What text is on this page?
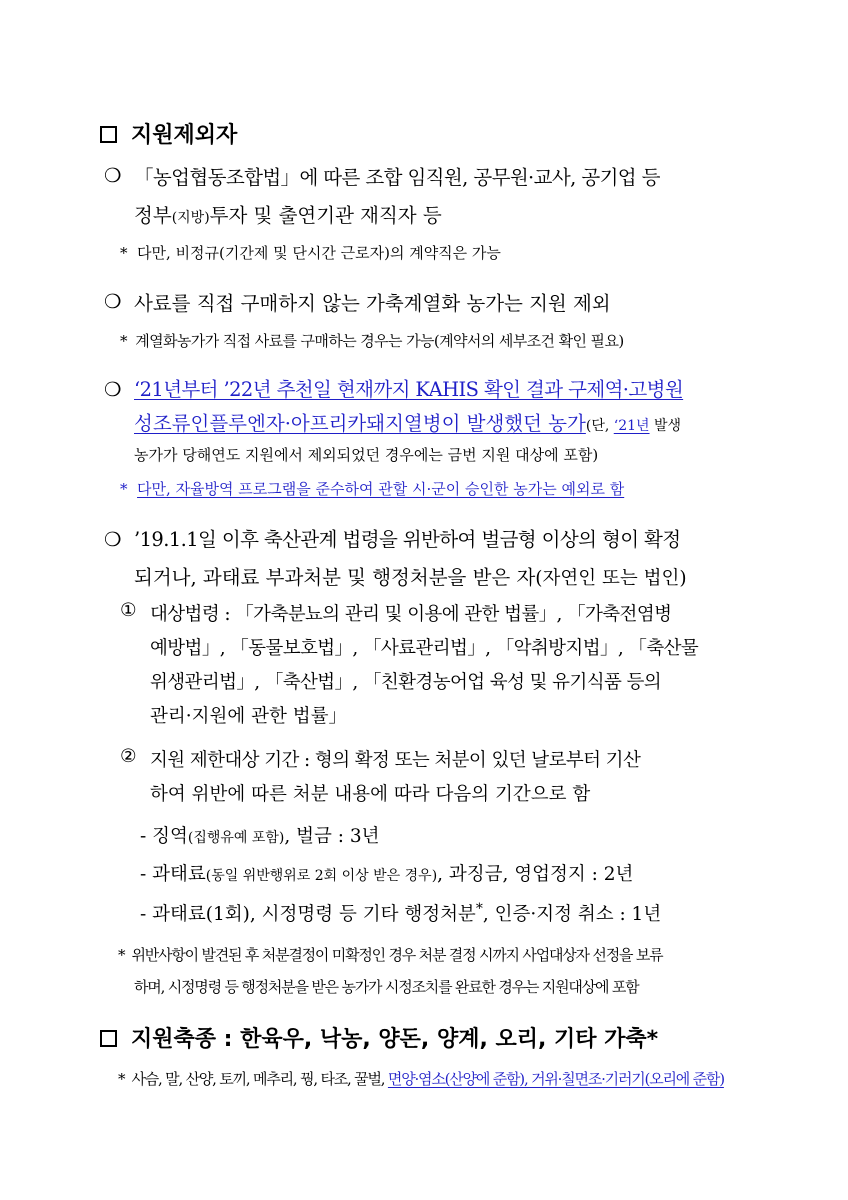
지원제외자
❍ 「농업협동조합법」에 따른 조합 임직원, 공무원·교사, 공기업 등
정부(지방)투자 및 출연기관 재직자 등
* 다만, 비정규(기간제 및 단시간 근로자)의 계약직은 가능
❍ 사료를 직접 구매하지 않는 가축계열화 농가는 지원 제외
* 계열화농가가 직접 사료를 구매하는 경우는 가능(계약서의 세부조건 확인 필요)
❍ ‘21년부터 ’22년 추천일 현재까지 KAHIS 확인 결과 구제역·고병원
성조류인플루엔자·아프리카돼지열병이 발생했던 농가(단, ‘21년 발생
농가가 당해연도 지원에서 제외되었던 경우에는 금번 지원 대상에 포함)
* 다만, 자율방역 프로그램을 준수하여 관할 시·군이 승인한 농가는 예외로 함
❍ ’19.1.1일 이후 축산관계 법령을 위반하여 벌금형 이상의 형이 확정
되거나, 과태료 부과처분 및 행정처분을 받은 자(자연인 또는 법인)
① 대상법령 : 「가축분뇨의 관리 및 이용에 관한 법률」, 「가축전염병
예방법」, 「동물보호법」, 「사료관리법」, 「악취방지법」, 「축산물
위생관리법」, 「축산법」, 「친환경농어업 육성 및 유기식품 등의
관리·지원에 관한 법률」
② 지원 제한대상 기간 : 형의 확정 또는 처분이 있던 날로부터 기산
하여 위반에 따른 처분 내용에 따라 다음의 기간으로 함
- 징역(집행유예 포함), 벌금 : 3년
- 과태료(동일 위반행위로 2회 이상 받은 경우), 과징금, 영업정지 : 2년
- 과태료(1회), 시정명령 등 기타 행정처분*, 인증·지정 취소 : 1년
* 위반사항이 발견된 후 처분결정이 미확정인 경우 처분 결정 시까지 사업대상자 선정을 보류
하며, 시정명령 등 행정처분을 받은 농가가 시정조치를 완료한 경우는 지원대상에 포함
지원축종 : 한육우, 낙농, 양돈, 양계, 오리, 기타 가축*
* 사슴, 말, 산양, 토끼, 메추리, 꿩, 타조, 꿀벌, 면양·염소(산양에 준함), 거위·칠면조·기러기(오리에 준함)
